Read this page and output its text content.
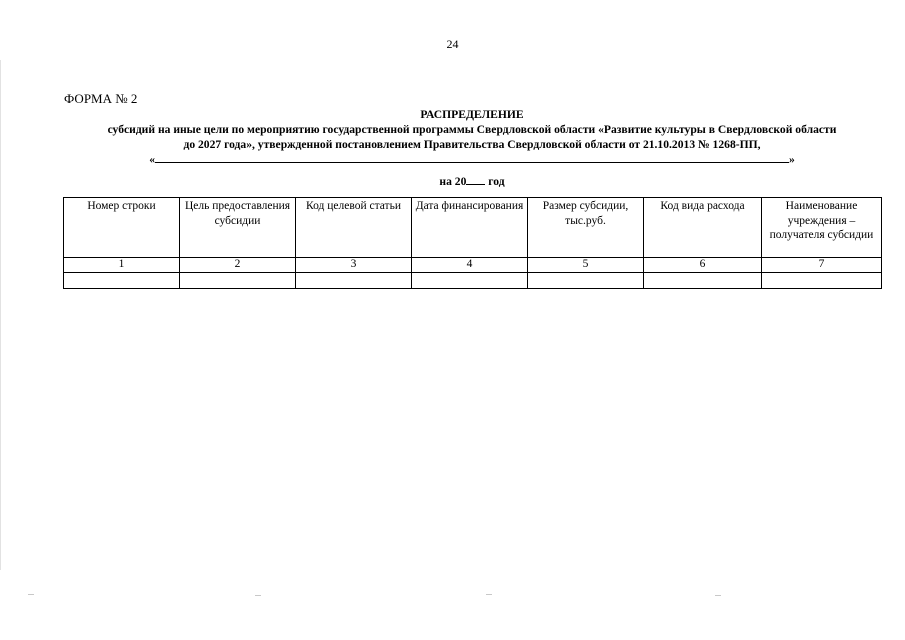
24
ФОРМА № 2
РАСПРЕДЕЛЕНИЕ
субсидий на иные цели по мероприятию государственной программы Свердловской области «Развитие культуры в Свердловской области
до 2027 года», утвержденной постановлением Правительства Свердловской области от 21.10.2013 № 1268-ПП,
«	»
на 20 год
Номер строки	Цель предоставления субсидии	Код целевой статьи	Дата финансирования	Размер субсидии, тыс.руб.	Код вида расхода	Наименование учреждения – получателя субсидии
1	2	3	4	5	6	7
